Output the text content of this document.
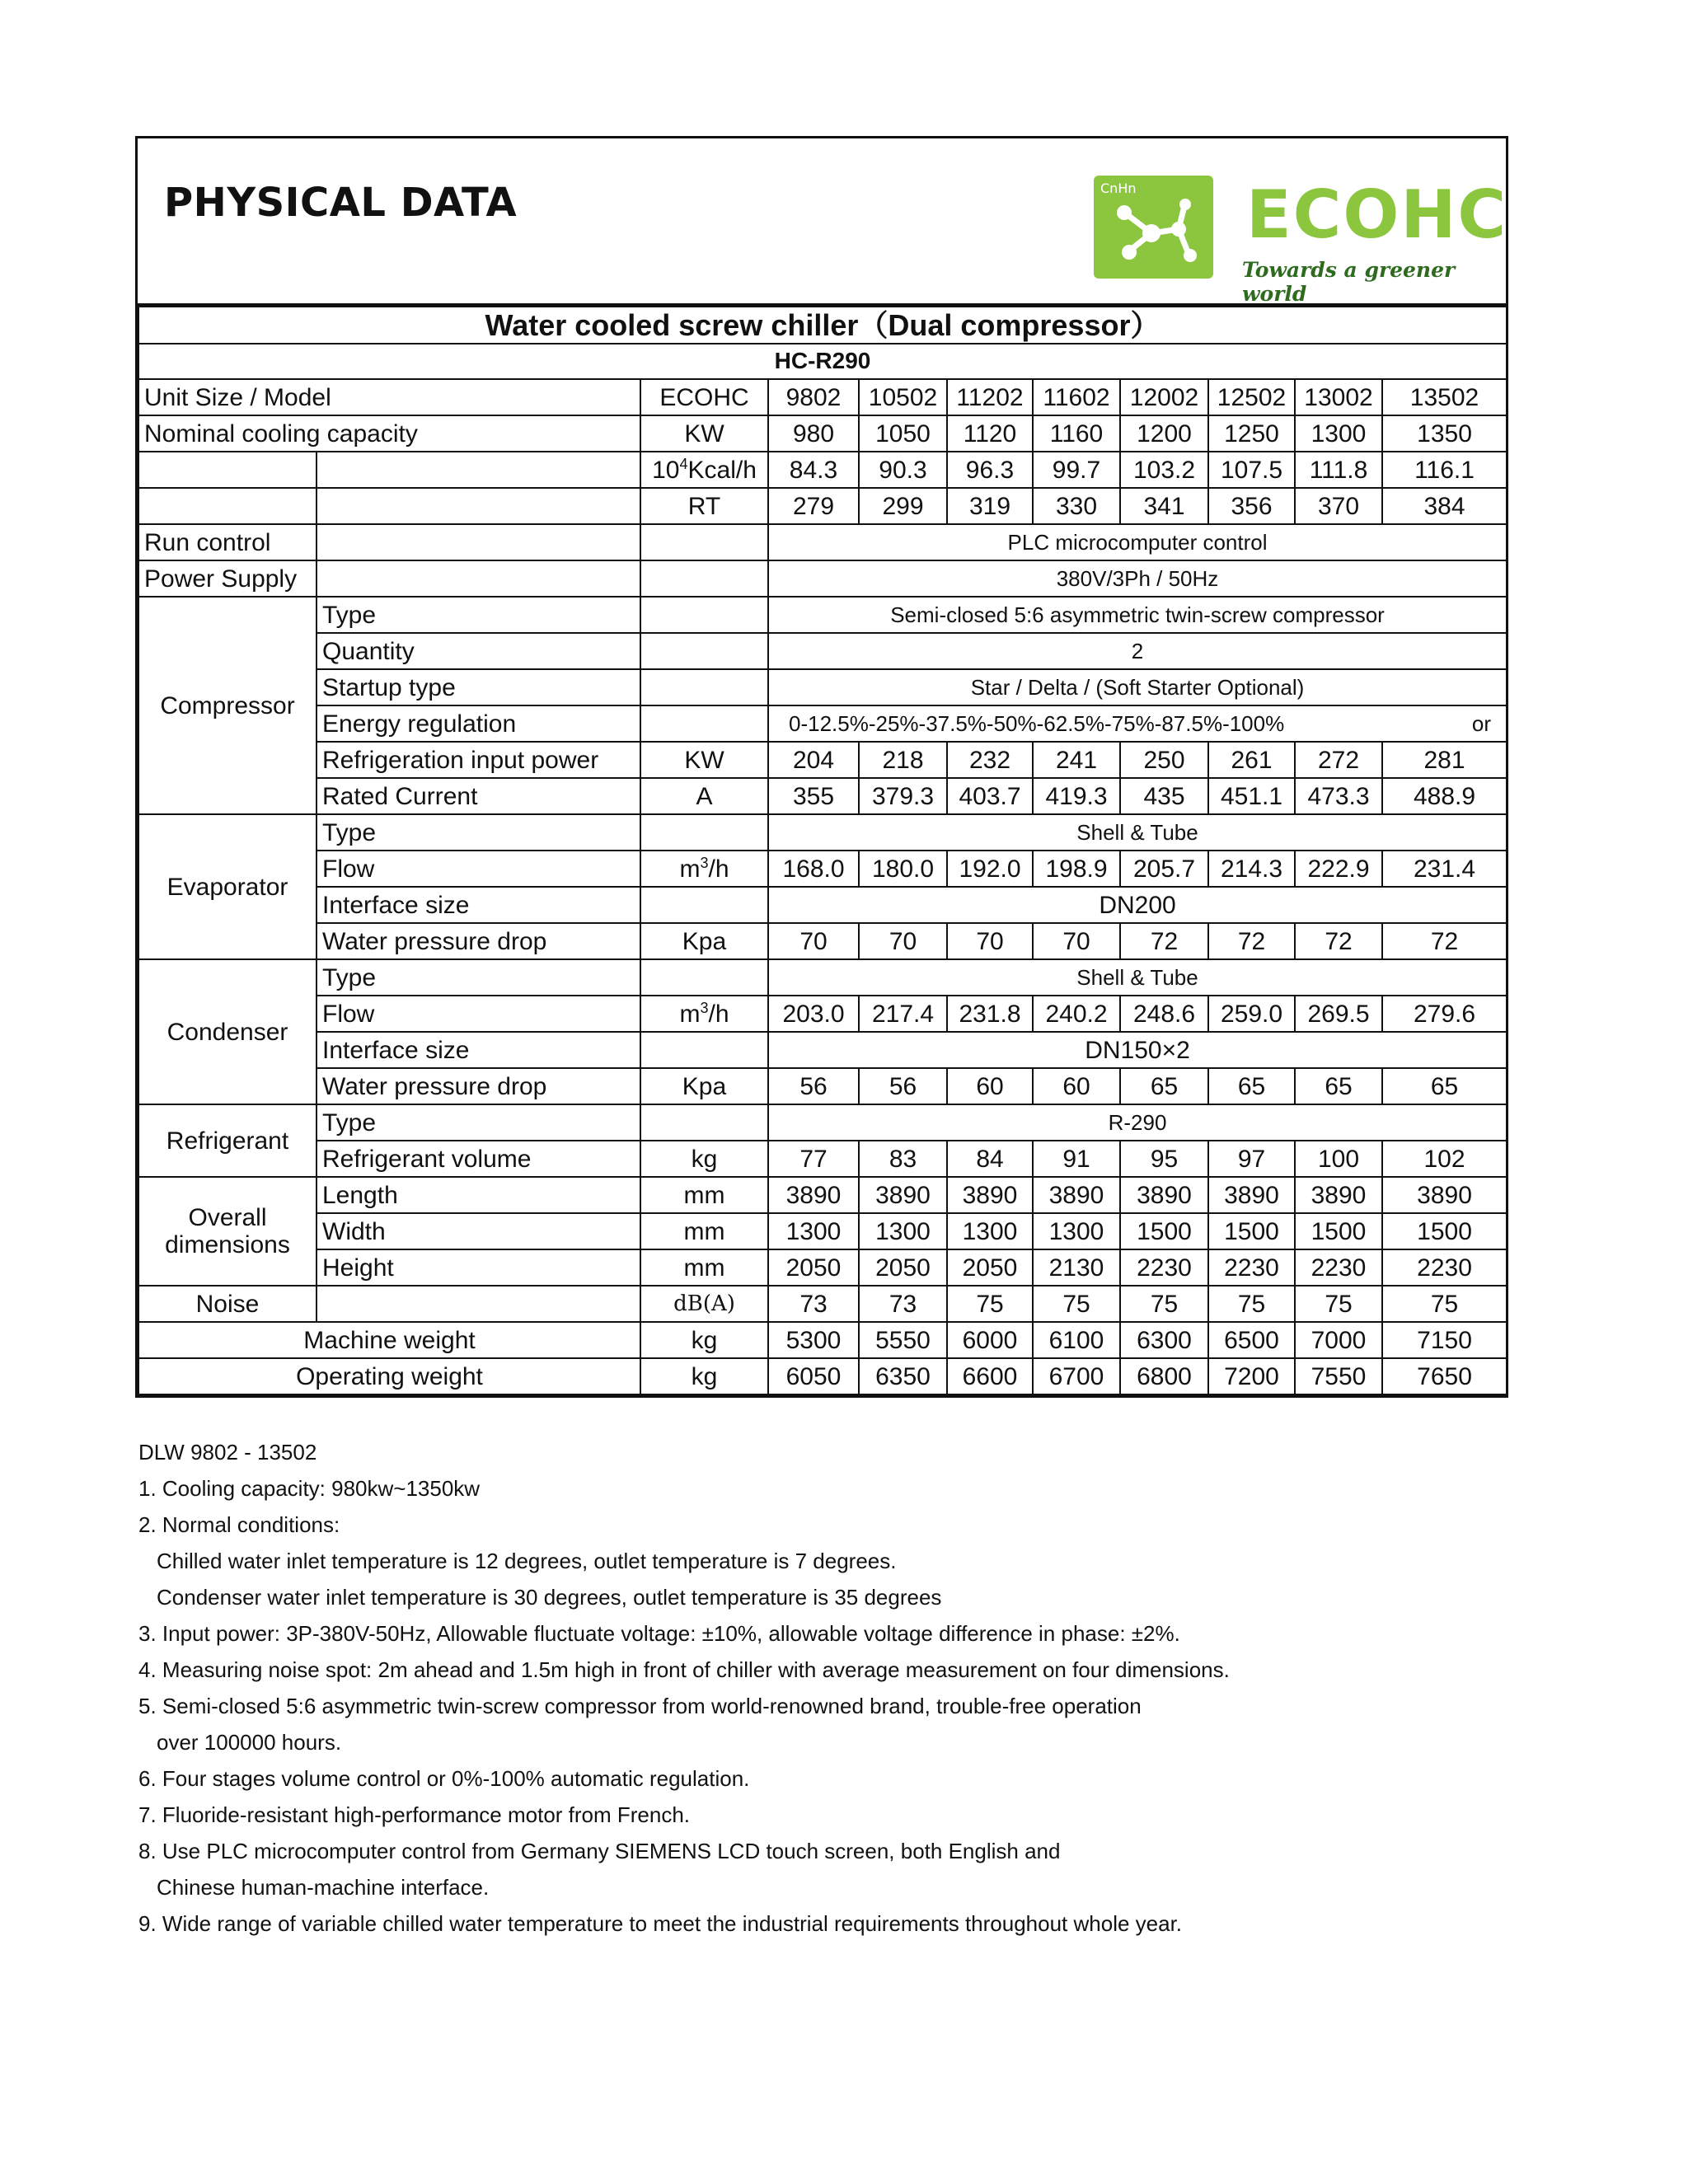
PHYSICAL DATA	CnHn ECOHC
Towards a greener world
Water cooled screw chiller（Dual compressor）										
HC-R290										
Unit Size / Model		ECOHC	9802	10502	11202	11602	12002	12502	13002	13502
Nominal cooling capacity		KW	980	1050	1120	1160	1200	1250	1300	1350
		$10^4Kcal/h$	84.3	90.3	96.3	99.7	103.2	107.5	111.8	116.1
		RT	279	299	319	330	341	356	370	384
Run control			PLC microcomputer control							
Power Supply			380V/3Ph / 50Hz							
Compressor	Type		Semi-closed 5:6 asymmetric twin-screw compressor							
	Quantity		2							
	Startup type		Star / Delta / (Soft Starter Optional)							
	Energy regulation		0-12.5%-25%-37.5%-50%-62.5%-75%-87.5%-100% or							

	Refrigeration input power	KW	204	218	232	241	250	261	272	281
	Rated Current	A	355	379.3	403.7	419.3	435	451.1	473.3	488.9
Evaporator	Type		Shell & Tube							
	Flow	$m^3/h$	168.0	180.0	192.0	198.9	205.7	214.3	222.9	231.4
	Interface size		DN200							
	Water pressure drop	Kpa	70	70	70	70	72	72	72	72
Condenser	Type		Shell & Tube							
	Flow	$m^3/h$	203.0	217.4	231.8	240.2	248.6	259.0	269.5	279.6
	Interface size		DN150×2							
	Water pressure drop	Kpa	56	56	60	60	65	65	65	65
Refrigerant	Type		R-290							
	Refrigerant volume	kg	77	83	84	91	95	97	100	102
Overall dimensions	Length	mm	3890	3890	3890	3890	3890	3890	3890	3890
	Width	mm	1300	1300	1300	1300	1500	1500	1500	1500
	Height	mm	2050	2050	2050	2130	2230	2230	2230	2230
Noise		dB(A)	73	73	75	75	75	75	75	75
Machine weight		kg	5300	5550	6000	6100	6300	6500	7000	7150
Operating weight		kg	6050	6350	6600	6700	6800	7200	7550	7650
DLW 9802 - 13502
1. Cooling capacity: 980kw~1350kw
2. Normal conditions:
Chilled water inlet temperature is 12 degrees, outlet temperature is 7 degrees.
Condenser water inlet temperature is 30 degrees, outlet temperature is 35 degrees
3. Input power: 3P-380V-50Hz, Allowable fluctuate voltage: ±10%, allowable voltage difference in phase: ±2%.
4. Measuring noise spot: 2m ahead and 1.5m high in front of chiller with average measurement on four dimensions.
5. Semi-closed 5:6 asymmetric twin-screw compressor from world-renowned brand, trouble-free operation
over 100000 hours.
6. Four stages volume control or 0%-100% automatic regulation.
7. Fluoride-resistant high-performance motor from French.
8. Use PLC microcomputer control from Germany SIEMENS LCD touch screen, both English and
Chinese human-machine interface.
9. Wide range of variable chilled water temperature to meet the industrial requirements throughout whole year.
